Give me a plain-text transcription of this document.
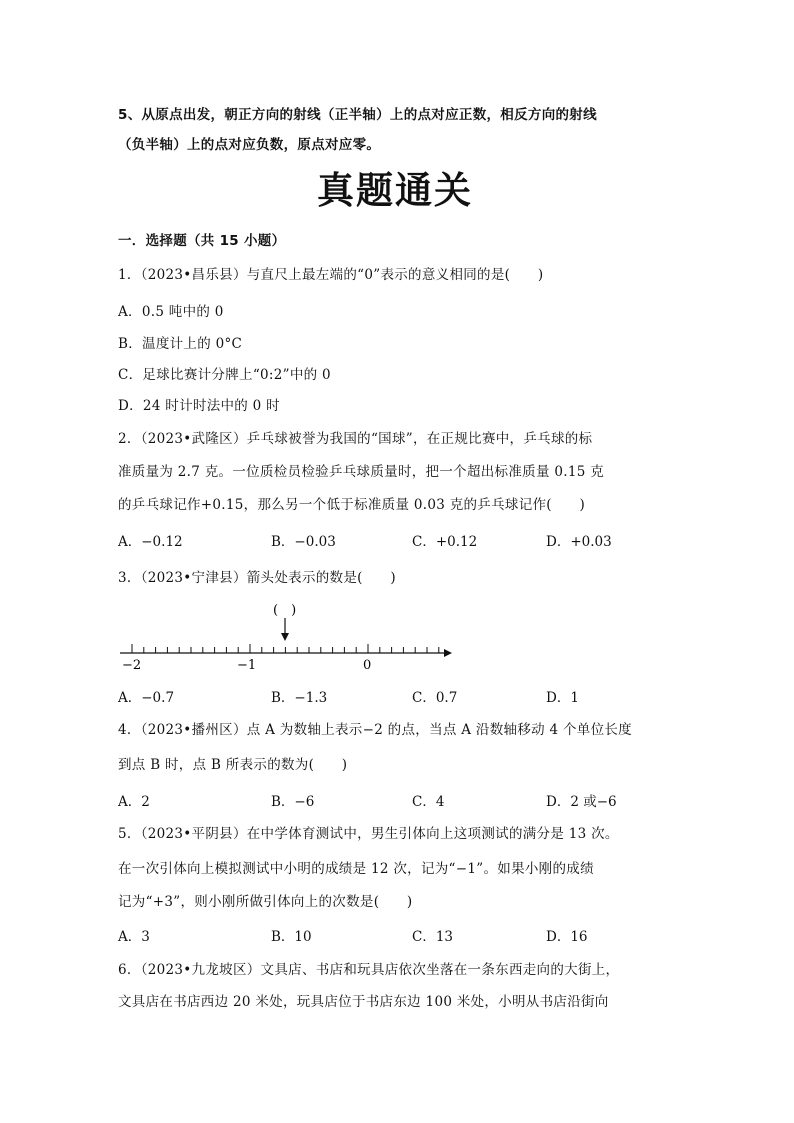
5、从原点出发，朝正方向的射线（正半轴）上的点对应正数，相反方向的射线
（负半轴）上的点对应负数，原点对应零。
真题通关
一．选择题（共 15 小题）
1．（2023•昌乐县）与直尺上最左端的“0”表示的意义相同的是(　　)
A．0.5 吨中的 0
B．温度计上的 0°C
C．足球比赛计分牌上“0:2”中的 0
D．24 时计时法中的 0 时
2．（2023•武隆区）乒乓球被誉为我国的“国球”，在正规比赛中，乒乓球的标
准质量为 2.7 克。一位质检员检验乒乓球质量时，把一个超出标准质量 0.15 克
的乒乓球记作+0.15，那么另一个低于标准质量 0.03 克的乒乓球记作(　　)
A．−0.12	B．−0.03	C．+0.12	D．+0.03
3．（2023•宁津县）箭头处表示的数是(　　)
(　)
−2	−1	0
A．−0.7	B．−1.3	C．0.7	D．1
4．（2023•播州区）点 A 为数轴上表示−2 的点，当点 A 沿数轴移动 4 个单位长度
到点 B 时，点 B 所表示的数为(　　)
A．2	B．−6	C．4	D．2 或−6
5．（2023•平阴县）在中学体育测试中，男生引体向上这项测试的满分是 13 次。
在一次引体向上模拟测试中小明的成绩是 12 次，记为“−1”。如果小刚的成绩
记为“+3”，则小刚所做引体向上的次数是(　　)
A．3	B．10	C．13	D．16
6．（2023•九龙坡区）文具店、书店和玩具店依次坐落在一条东西走向的大街上，
文具店在书店西边 20 米处，玩具店位于书店东边 100 米处，小明从书店沿街向
